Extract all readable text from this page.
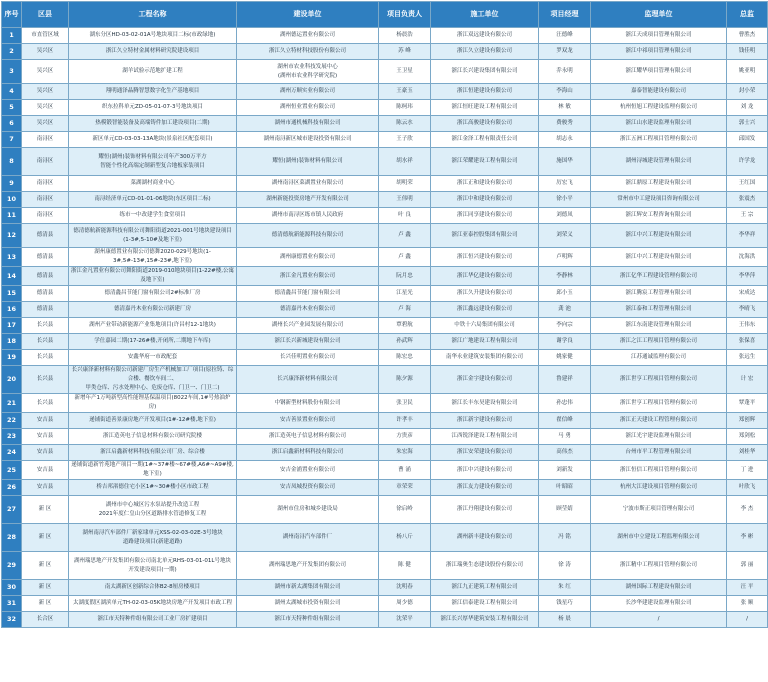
序号	区县	工程名称	建设单位	项目负责人	施工单位	项目经理	监理单位	总监
1	市直管区域	湖东分区HD-03-02-01A号地块项目二标(市政绿地)	湖州德运置业有限公司	杨晨浩	浙江双远建设有限公司	汪德峰	浙江天成项目管理有限公司	曹胜杰
2	吴兴区	浙江久立特材金属材料研究院建设项目	浙江久立特材科技股份有限公司	苏 峰	浙江久立建设有限公司	罗双龙	浙江中祁项目管理有限公司	钱佳明
3	吴兴区	湖羊试验示范地扩建工程	湖州市农业科技发展中心
(湖州市农业科学研究院)	王卫星	浙江长兴建设集团有限公司	乔永明	浙江耀华项目管理有限公司	姚亚明
4	吴兴区	翔明通泽晶腾智慧数字化生产基地项目	湖州万顺实业有限公司	王豪玉	浙江恒建建设有限公司	李海山	嘉泰智能建设有限公司	封小荣
5	吴兴区	织东拉科单元ZD-05-01-07-3号地块项目	湖州恒业置业有限公司	陈柯玮	浙江恒旺建设工程有限公司	林 敏	杭州恒旭工程建设监理有限公司	刘 龙
6	吴兴区	热模锻智能装备及高端铸件加工建设项目(二期)	湖州市通机械科技有限公司	陈云水	浙江高骏建设有限公司	费骏秀	浙江山水建设监理有限公司	郭士兴
7	南浔区	新区单元CD-03-03-13A地块(景泉社区配套项目)	湖州南浔新区城市建设投资有限公司	王子欣	浙江金泽工程有限责任公司	胡志永	浙江五洲工程项目管理有限公司	邱国发
8	南浔区	耀恒(湖州)装饰材料有限公司年产300万平方
智能个性化高端定制新型复合地板家装项目	耀恒(湖州)装饰材料有限公司	胡水祥	浙江荣耀建设工程有限公司	施国华	湖州浔城建设管理有限公司	许学龙
9	南浔区	菜湖湖村商业中心	湖州南浔区菜湖置业有限公司	胡明荣	浙江正和建设有限公司	厉宏飞	浙江鼎原工程建设有限公司	王红国
10	南浔区	南浔经济单元CD-01-01-06地块(东区项目二标)	湖州新能投资房地产开发有限公司	王伟明	浙江中和建设有限公司	徐小平	常州市中工建设项目咨询有限公司	张震杰
11	南浔区	练市一中改建学生食堂项目	湖州市南浔区练市镇人民政府	叶 良	浙江同享建设有限公司	刘德凤	浙江辉安工程咨询有限公司	王 宗
12	德清县	德清德航新能源科技有限公司舞阳街道2021-001号地块建设项目
(1-3#,5-10#及地下室)	德清德航新能源科技有限公司	卢 鑫	浙江亚泰控股集团有限公司	刘荣义	浙江中兴工程建设有限公司	李华祥
13	德清县	湖州康德置业有限公司德舞2020-029号地块(1-3#,5#-13#,15#-23#,地下室)	湖州康德置业有限公司	卢 鑫	浙江恒兴建设有限公司	卢明辉	浙江中兴工程建设有限公司	沈海洪
14	德清县	浙江金凡置业有限公司舞阳街道2019-010地块项目(1-22#楼,公寓及地下室)	浙江金凡置业有限公司	阮月忠	浙江华亿建设有限公司	李静林	浙江亿华工程建设管理有限公司	李华萍
15	德清县	德清鑫昌节能门窗有限公司2#标准厂房	德清鑫昌节能门窗有限公司	江星光	浙江久升建设有限公司	邱小玉	浙江腾宸工程管理有限公司	宋成达
16	德清县	德清嘉丹木业有限公司新建厂房	德清嘉丹木业有限公司	卢 海	浙江鑫远建设有限公司	龚 池	浙江泰和工程管理有限公司	李晴飞
17	长兴县	湖州产业带动新能源产业集地项目(许昌村12-1地块)	湖州长兴产业园发展有限公司	覃碧航	中铁十六局集团有限公司	李向宗	浙江东南建设管理有限公司	王伟东
18	长兴县	学仕嘉园二期(17-26#楼,开闭所,二期地下车库)	浙江长兴新城建设有限公司	孙武辉	浙江广地建设工程有限公司	谢学良	浙江之江工程项目管理有限公司	张保喜
19	长兴县	安鑫华府一市政配套	长兴佳明置业有限公司	陈宏忠	南华永业建筑安装集团有限公司	姚家健	江苏通诚监理有限公司	张远生
20	长兴县	长兴康泽新材料有限公司新建厂房生产机械加工厂项目(原拉铸、综合楼、餐饮车间二、
甲类仓库、污水处理中心、危废仓库、门卫一、门卫二)	长兴康泽新材料有限公司	陈夕源	浙江金字建设有限公司	鲁建祥	浙江世亨工程项目管理有限公司	计 宏
21	长兴县	新增年产1万吨新型高性能锂基保温项目(8022车间,1#号热油炉房)	中钢新型材料股份有限公司	张卫民	浙江长丰东昊建设有限公司	孙忠伟	浙江世亨工程项目管理有限公司	覃蓬平
22	安吉县	递铺街道善景康房地产开发项目(1#-12#楼,地下室)	安吉善景置业有限公司	许孝丰	浙江新宇建设有限公司	翟信峰	浙江正天建设工程管理有限公司	郑创辉
23	安吉县	浙江造英电子信息材料有限公司研究院楼	浙江造英电子信息材料有限公司	方贵彦	江西锐泽建设工程有限公司	马 勇	浙江光宇建设监理有限公司	郑剑松
24	安吉县	浙江启鑫新材料科技有限公司厂房、综合楼	浙江启鑫新材料科技有限公司	朱宏海	浙江安荣建设有限公司	高伟杰	台州市平工程管理有限公司	刘桂华
25	安吉县	递铺街道新竹苑地产项目一期(1#~37#楼~67#楼,A6#~A9#楼,地下室)	安吉金浦置业有限公司	曹 涌	浙江中兴建设有限公司	刘新发	浙江恒信工程项目管理有限公司	丁 进
26	安吉县	桥吉邦渚德住宅小区1#~30#楼小区市政工程	安吉凤城投资有限公司	章荣荣	浙江友力建设有限公司	叶昭昭	杭州大江建设项目管理有限公司	叶欣飞
27	新 区	湖州市中心城区污水泵站提升改造工程
2021年度仁皇山分区道路排水管道修复工程	湖州市住房和城乡建设局	徐启岭	浙江丹翔建设有限公司	顾莹婧	宁波市斯正项目管理有限公司	李 杰
28	新 区	湖州南浔汽车部件厂新家埭单元XSS-02-03-02E-3号地块
道路建设项目(新建道路)	湖州南浔汽车部件厂	杨八斤	湖州新丰建设有限公司	冯 铭	湖州市中立建设工程监理有限公司	李 彬
29	新 区	湖州瑞思地产开发集团有限公司南北单元RHS-03-01-01L号地块
开发建设项目(一期)	湖州瑞思地产开发集团有限公司	陈 健	浙江瑞奥生态建设股份有限公司	徐 涛	浙江精中工程项目管理有限公司	郭 丽
30	新 区	南太湖新区创新综合体B2-8厘房楼项目	湖州市新太湖集团有限公司	沈明春	浙江九正建筑工程有限公司	朱 红	湖州国际工程建设有限公司	汪 平
31	新 区	太湖度假区湖滨单元TH-02-03-05K地块房地产开发项目市政工程	湖州太湖城市投资有限公司	周少德	浙江信泰建设工程有限公司	钱星巧	长沙华建建设监理有限公司	张 顺
32	长合区	浙江市天特种件组有限公司工业厂房扩建项目	浙江市天特种件组有限公司	沈荣平	浙江长兴厚华建筑安装工程有限公司	杨 晨	/	/
